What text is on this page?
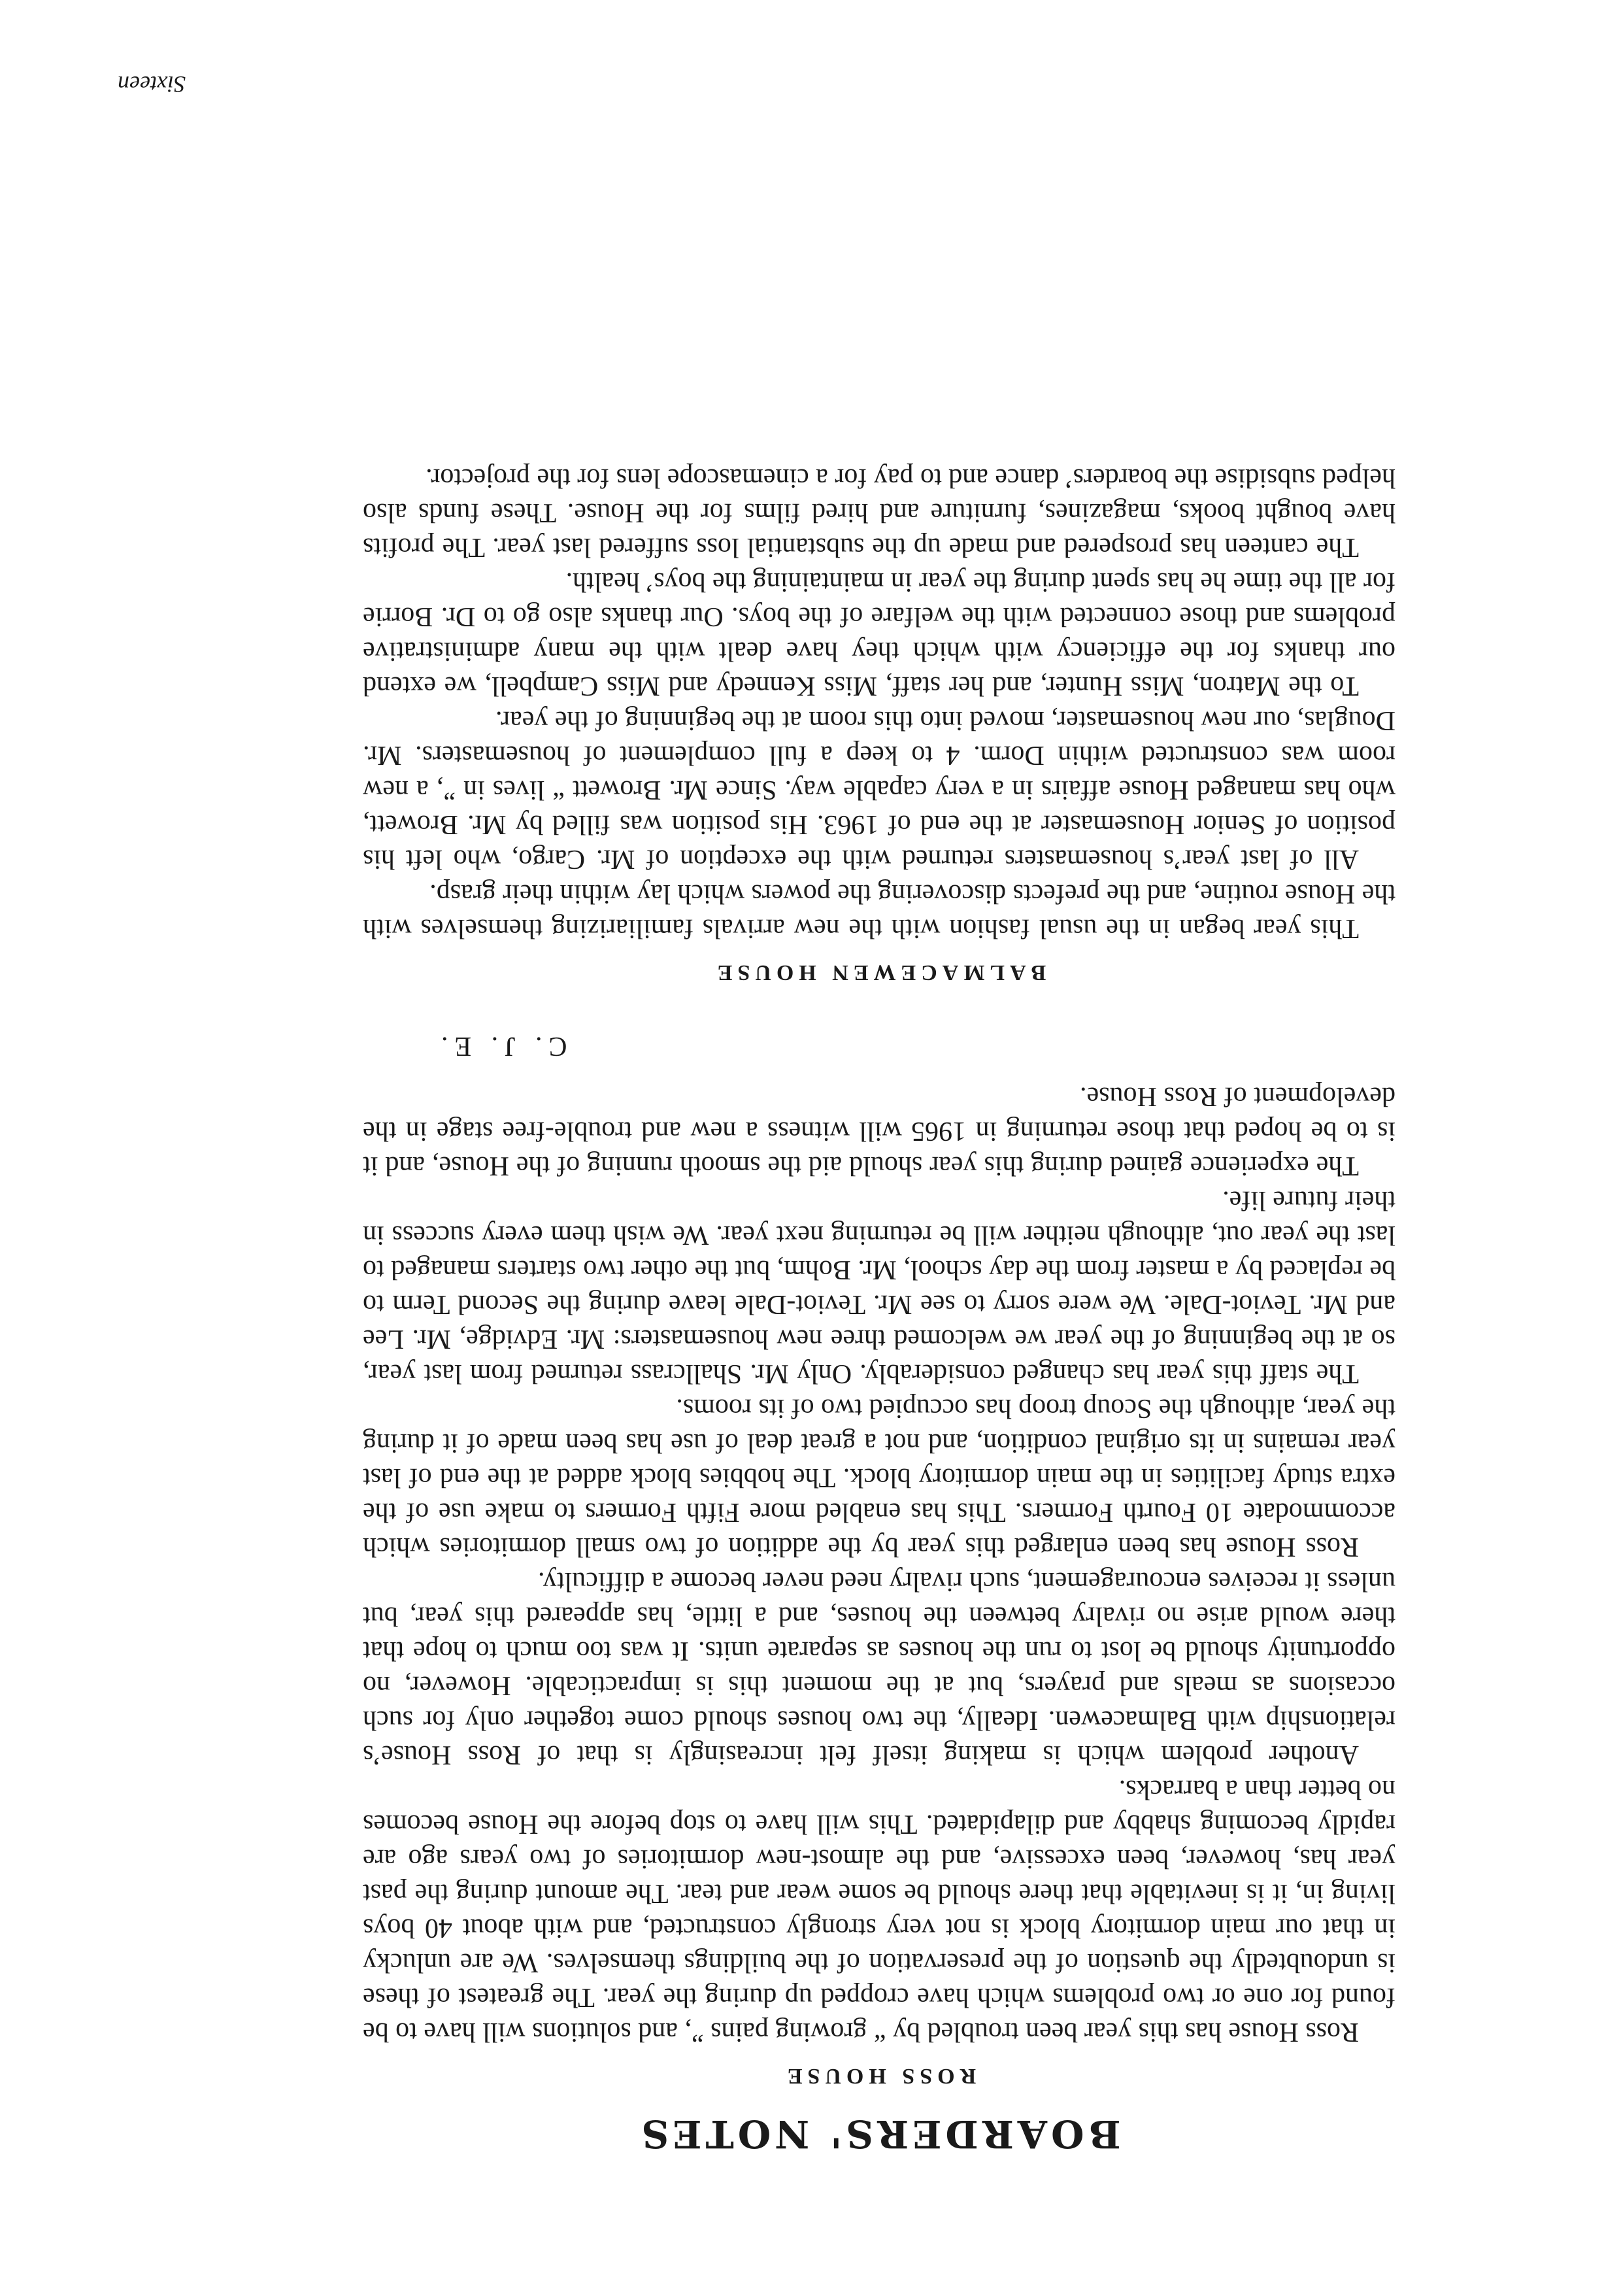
BOARDERS' NOTES
ROSS HOUSE

Ross House has this year been troubled by “ growing pains ”, and solutions will have to be found for one or two problems which have cropped up during the year. The greatest of these is undoubtedly the question of the preservation of the buildings themselves. We are unlucky in that our main dormitory block is not very strongly constructed, and with about 40 boys living in, it is inevitable that there should be some wear and tear. The amount during the past year has, however, been excessive, and the almost-new dormitories of two years ago are rapidly becoming shabby and dilapidated. This will have to stop before the House becomes no better than a barracks.

Another problem which is making itself felt increasingly is that of Ross House’s relationship with Balmacewen. Ideally, the two houses should come together only for such occasions as meals and prayers, but at the moment this is impracticable. However, no opportunity should be lost to run the houses as separate units. It was too much to hope that there would arise no rivalry between the houses, and a little, has appeared this year, but unless it receives encouragement, such rivalry need never become a difficulty.

Ross House has been enlarged this year by the addition of two small dormitories which accommodate 10 Fourth Formers. This has enabled more Fifth Formers to make use of the extra study facilities in the main dormitory block. The hobbies block added at the end of last year remains in its original condition, and not a great deal of use has been made of it during the year, although the Scoup troop has occupied two of its rooms.

The staff this year has changed considerably. Only Mr. Shallcrass returned from last year, so at the beginning of the year we welcomed three new housemasters: Mr. Edvidge, Mr. Lee and Mr. Teviot-Dale. We were sorry to see Mr. Teviot-Dale leave during the Second Term to be replaced by a master from the day school, Mr. Bohm, but the other two starters managed to last the year out, although neither will be returning next year. We wish them every success in their future life.

The experience gained during this year should aid the smooth running of the House, and it is to be hoped that those returning in 1965 will witness a new and trouble-free stage in the development of Ross House.

C. J. E.
BALMACEWEN HOUSE

This year began in the usual fashion with the new arrivals familiarizing themselves with the House routine, and the prefects discovering the powers which lay within their grasp.

All of last year’s housemasters returned with the exception of Mr. Cargo, who left his position of Senior Housemaster at the end of 1963. His position was filled by Mr. Browett, who has managed House affairs in a very capable way. Since Mr. Browett “ lives in ”, a new room was constructed within Dorm. 4 to keep a full complement of housemasters. Mr. Douglas, our new housemaster, moved into this room at the beginning of the year.

To the Matron, Miss Hunter, and her staff, Miss Kennedy and Miss Campbell, we extend our thanks for the efficiency with which they have dealt with the many administrative problems and those connected with the welfare of the boys. Our thanks also go to Dr. Borrie for all the time he has spent during the year in maintaining the boys’ health.

The canteen has prospered and made up the substantial loss suffered last year. The profits have bought books, magazines, furniture and hired films for the House. These funds also helped subsidise the boarders’ dance and to pay for a cinemascope lens for the projector.

Sixteen
